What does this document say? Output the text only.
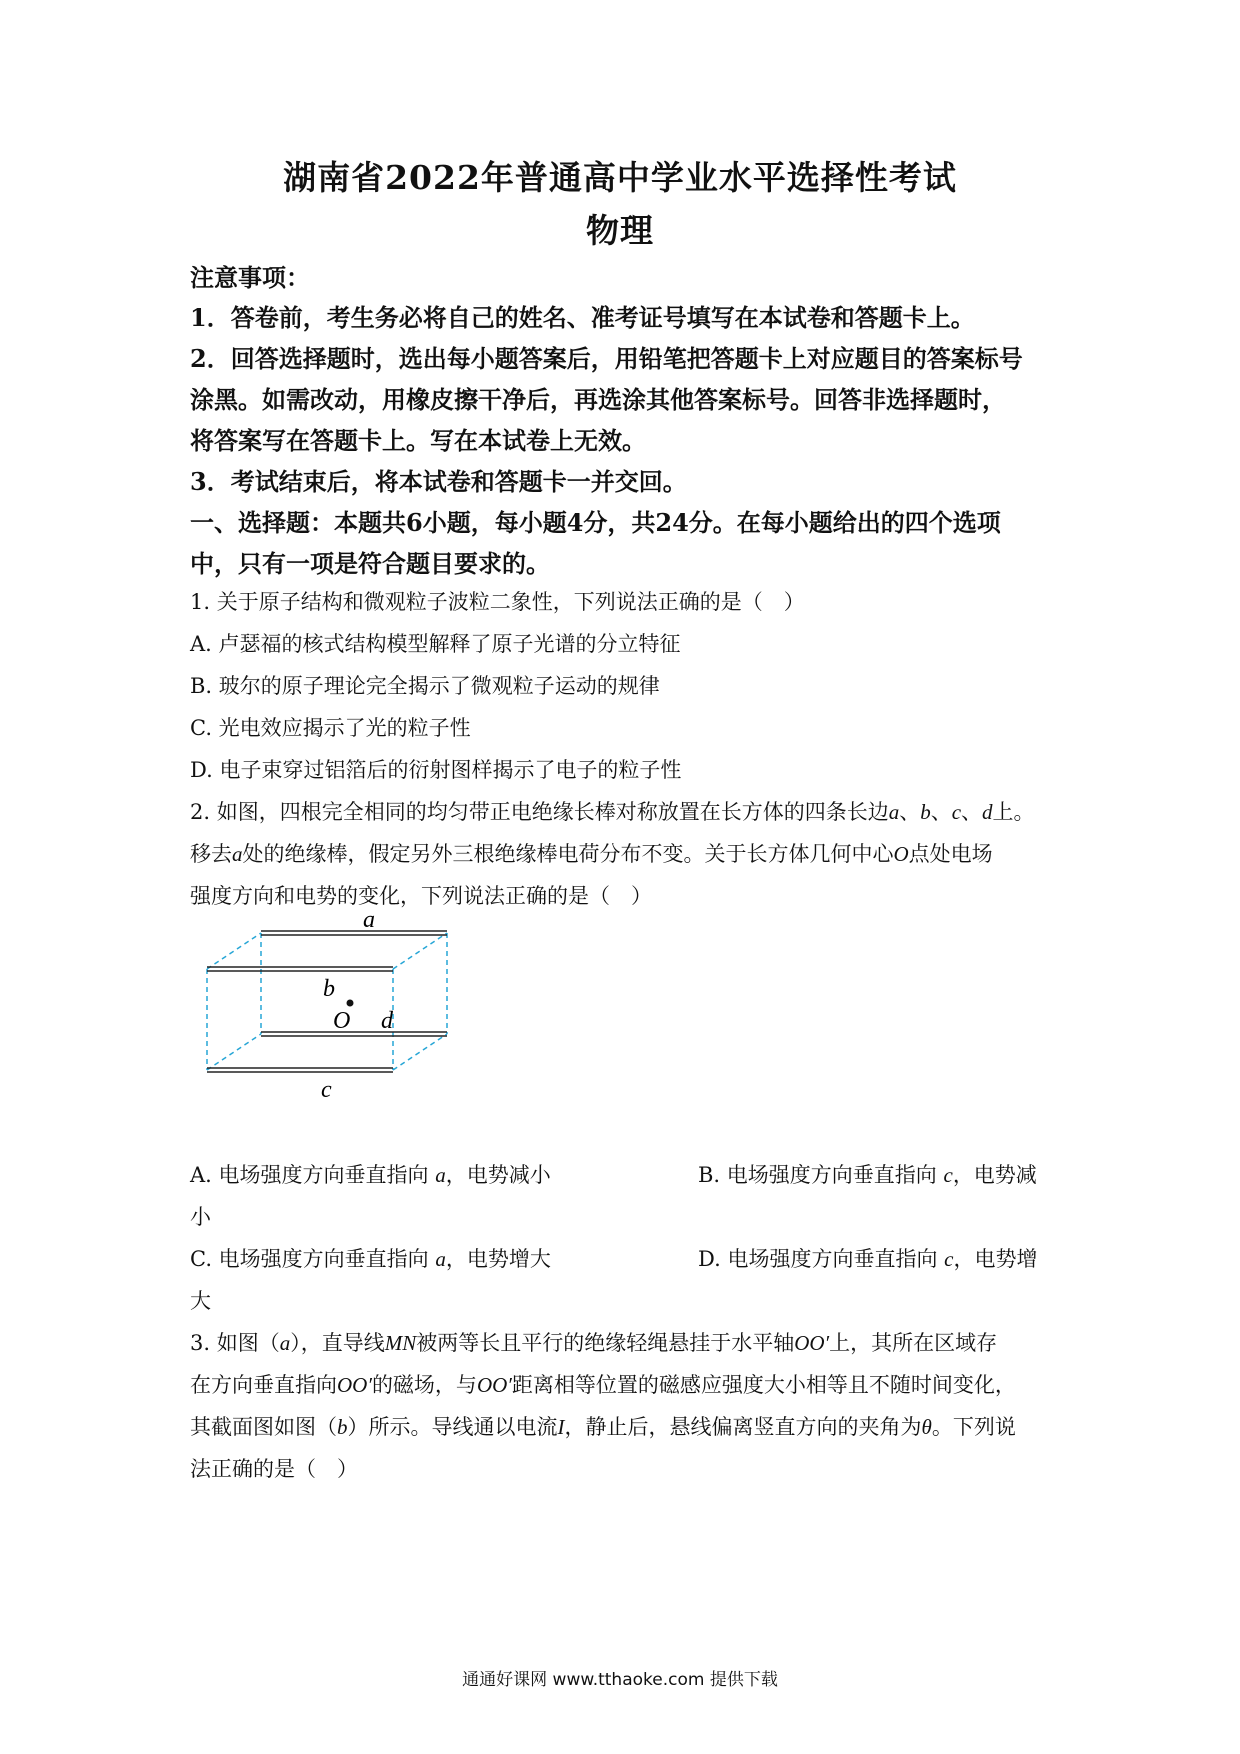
湖南省2022年普通高中学业水平选择性考试
物理
注意事项：
1．答卷前，考生务必将自己的姓名、准考证号填写在本试卷和答题卡上。
2．回答选择题时，选出每小题答案后，用铅笔把答题卡上对应题目的答案标号
涂黑。如需改动，用橡皮擦干净后，再选涂其他答案标号。回答非选择题时，
将答案写在答题卡上。写在本试卷上无效。
3．考试结束后，将本试卷和答题卡一并交回。
一、选择题：本题共6小题，每小题4分，共24分。在每小题给出的四个选项
中，只有一项是符合题目要求的。
1. 关于原子结构和微观粒子波粒二象性，下列说法正确的是（　）
A. 卢瑟福的核式结构模型解释了原子光谱的分立特征
B. 玻尔的原子理论完全揭示了微观粒子运动的规律
C. 光电效应揭示了光的粒子性
D. 电子束穿过铝箔后的衍射图样揭示了电子的粒子性
2. 如图，四根完全相同的均匀带正电绝缘长棒对称放置在长方体的四条长边a、b、c、d上。
移去a处的绝缘棒，假定另外三根绝缘棒电荷分布不变。关于长方体几何中心O点处电场
强度方向和电势的变化，下列说法正确的是（　）
a
b
O d
c
A. 电场强度方向垂直指向 a，电势减小	B. 电场强度方向垂直指向 c，电势减
小
C. 电场强度方向垂直指向 a，电势增大	D. 电场强度方向垂直指向 c，电势增
大
3. 如图（a），直导线MN被两等长且平行的绝缘轻绳悬挂于水平轴OO′上，其所在区域存
在方向垂直指向OO′的磁场，与OO′距离相等位置的磁感应强度大小相等且不随时间变化，
其截面图如图（b）所示。导线通以电流I，静止后，悬线偏离竖直方向的夹角为θ。下列说
法正确的是（　）
通通好课网 www.tthaoke.com 提供下载
